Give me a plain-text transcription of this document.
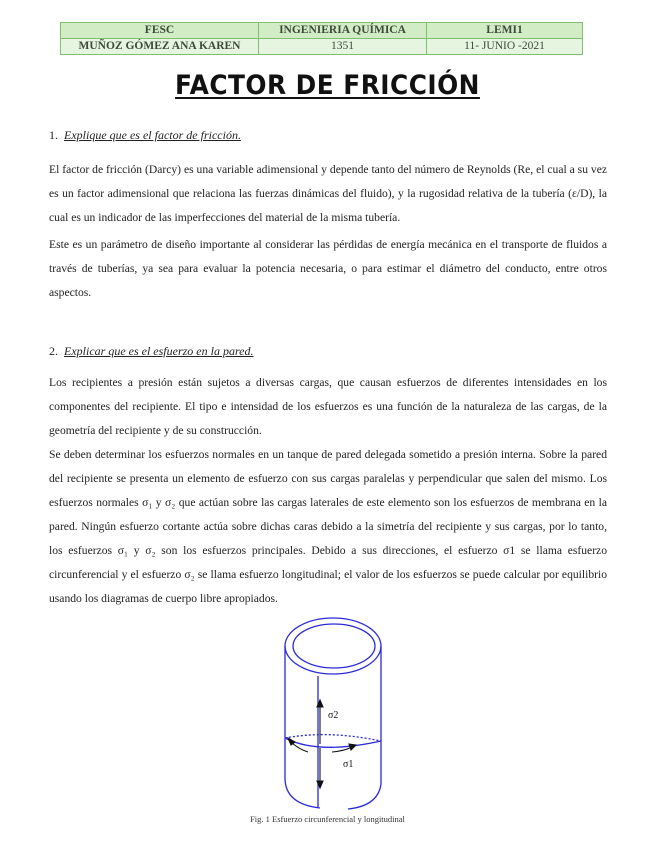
FESC	INGENIERIA QUÍMICA	LEMI1
MUÑOZ GÓMEZ ANA KAREN	1351	11- JUNIO -2021
FACTOR DE FRICCIÓN
1. Explique que es el factor de fricción.

El factor de fricción (Darcy) es una variable adimensional y depende tanto del número de Reynolds (Re, el cual a su vez es un factor adimensional que relaciona las fuerzas dinámicas del fluido), y la rugosidad relativa de la tubería (ε/D), la cual es un indicador de las imperfecciones del material de la misma tubería.

Este es un parámetro de diseño importante al considerar las pérdidas de energía mecánica en el transporte de fluidos a través de tuberías, ya sea para evaluar la potencia necesaria, o para estimar el diámetro del conducto, entre otros aspectos.

2. Explicar que es el esfuerzo en la pared.

Los recipientes a presión están sujetos a diversas cargas, que causan esfuerzos de diferentes intensidades en los componentes del recipiente. El tipo e intensidad de los esfuerzos es una función de la naturaleza de las cargas, de la geometría del recipiente y de su construcción.

Se deben determinar los esfuerzos normales en un tanque de pared delegada sometido a presión interna. Sobre la pared del recipiente se presenta un elemento de esfuerzo con sus cargas paralelas y perpendicular que salen del mismo. Los esfuerzos normales σ₁ y σ₂ que actúan sobre las cargas laterales de este elemento son los esfuerzos de membrana en la pared. Ningún esfuerzo cortante actúa sobre dichas caras debido a la simetría del recipiente y sus cargas, por lo tanto, los esfuerzos σ₁ y σ₂ son los esfuerzos principales. Debido a sus direcciones, el esfuerzo σ1 se llama esfuerzo circunferencial y el esfuerzo σ₂ se llama esfuerzo longitudinal; el valor de los esfuerzos se puede calcular por equilibrio usando los diagramas de cuerpo libre apropiados.

σ2
σ1
Fig. 1 Esfuerzo circunferencial y longitudinal
